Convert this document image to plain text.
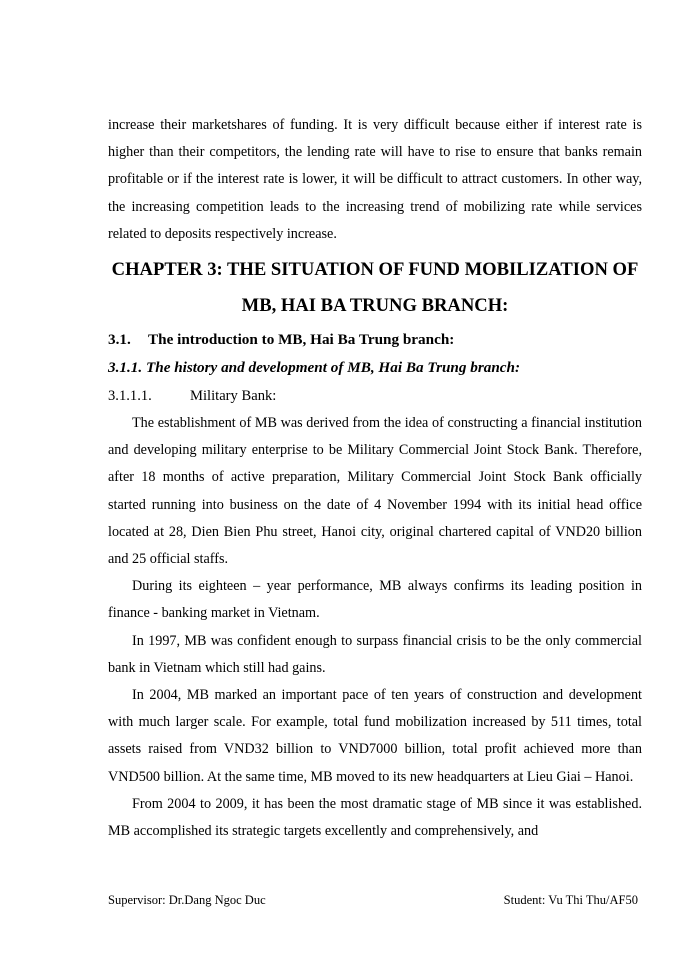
increase their marketshares of funding. It is very difficult because either if interest rate is higher than their competitors, the lending rate will have to rise to ensure that banks remain profitable or if the interest rate is lower, it will be difficult to attract customers. In other way, the increasing competition leads to the increasing trend of mobilizing rate while services related to deposits respectively increase.

CHAPTER 3: THE SITUATION OF FUND MOBILIZATION OF
MB, HAI BA TRUNG BRANCH:
3.1.	The introduction to MB, Hai Ba Trung branch:
3.1.1. The history and development of MB, Hai Ba Trung branch:
3.1.1.1.	Military Bank:

The establishment of MB was derived from the idea of constructing a financial institution and developing military enterprise to be Military Commercial Joint Stock Bank. Therefore, after 18 months of active preparation, Military Commercial Joint Stock Bank officially started running into business on the date of 4 November 1994 with its initial head office located at 28, Dien Bien Phu street, Hanoi city, original chartered capital of VND20 billion and 25 official staffs.

During its eighteen – year performance, MB always confirms its leading position in finance - banking market in Vietnam.

In 1997, MB was confident enough to surpass financial crisis to be the only commercial bank in Vietnam which still had gains.

In 2004, MB marked an important pace of ten years of construction and development with much larger scale. For example, total fund mobilization increased by 511 times, total assets raised from VND32 billion to VND7000 billion, total profit achieved more than VND500 billion. At the same time, MB moved to its new headquarters at Lieu Giai – Hanoi.

From 2004 to 2009, it has been the most dramatic stage of MB since it was established. MB accomplished its strategic targets excellently and comprehensively, and

Supervisor: Dr.Dang Ngoc Duc	Student: Vu Thi Thu/AF50
